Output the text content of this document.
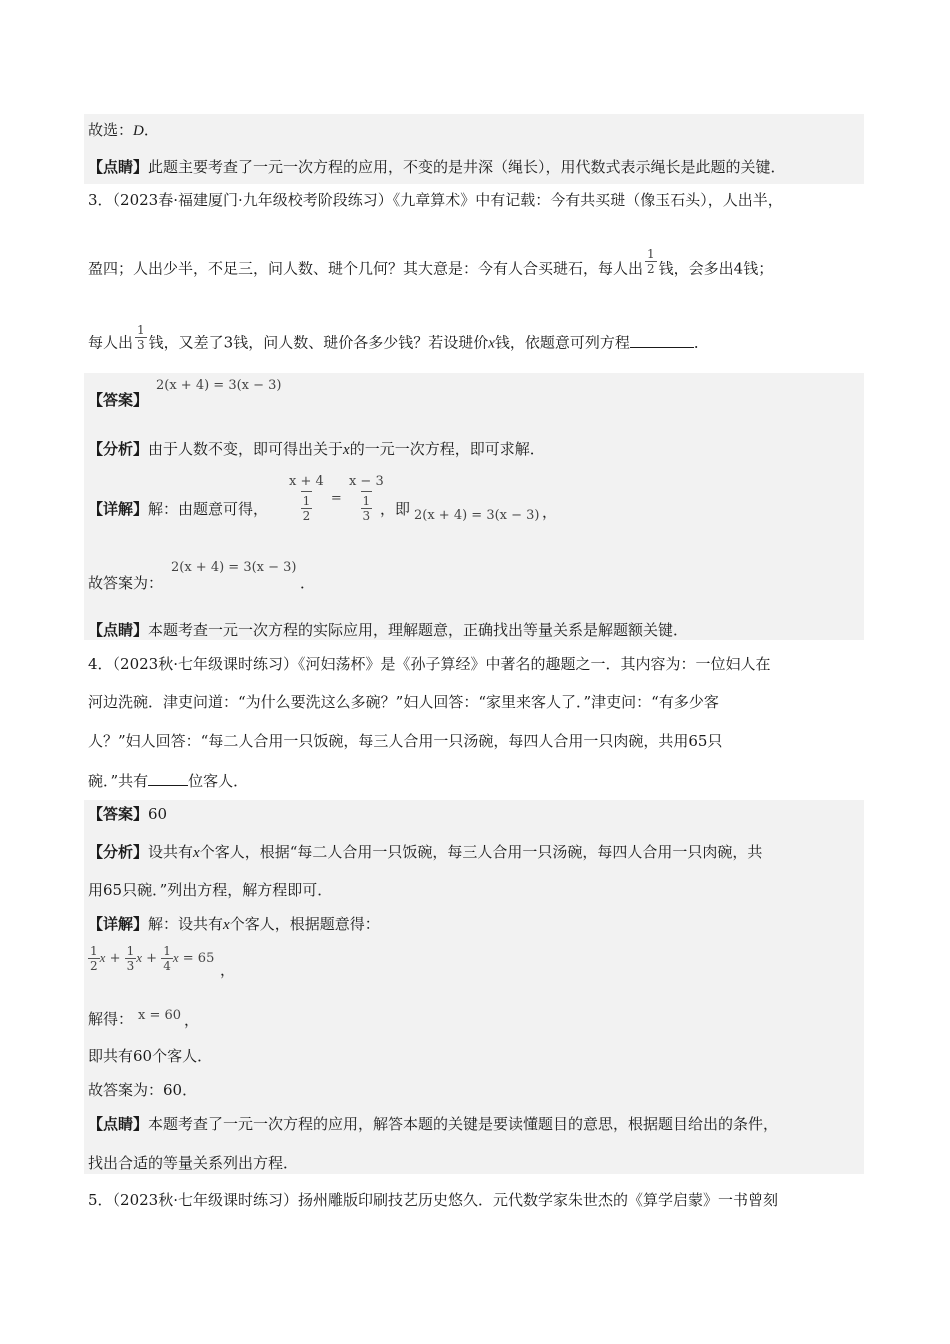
故选：D．
【点睛】此题主要考查了一元一次方程的应用，不变的是井深（绳长），用代数式表示绳长是此题的关键．
3．（2023春·福建厦门·九年级校考阶段练习）《九章算术》中有记载：今有共买琎（像玉石头），人出半，
盈四；人出少半，不足三，问人数、琎个几何？其大意是：今有人合买琎石，每人出 $\frac{1}{2}$ 钱，会多出4钱；
每人出 $\frac{1}{3}$ 钱，又差了3钱，问人数、琎价各多少钱？若设琎价x钱，依题意可列方程	．
【答案】
2(x + 4) = 3(x − 3)
【分析】由于人数不变，即可得出关于x的一元一次方程，即可求解．
【详解】解：由题意可得， x + 4
1
2 = x − 3
1
3
，即 2(x + 4) = 3(x − 3) ，
故答案为：
2(x + 4) = 3(x − 3)
．
【点睛】本题考查一元一次方程的实际应用，理解题意，正确找出等量关系是解题额关键．
4．（2023秋·七年级课时练习）《河妇荡杯》是《孙子算经》中著名的趣题之一．其内容为：一位妇人在
河边洗碗．津吏问道：“为什么要洗这么多碗？”妇人回答：“家里来客人了．”津吏问：“有多少客
人？”妇人回答：“每二人合用一只饭碗，每三人合用一只汤碗，每四人合用一只肉碗，共用65只
碗．”共有	位客人．
【答案】60
【分析】设共有x个客人，根据“每二人合用一只饭碗，每三人合用一只汤碗，每四人合用一只肉碗，共
用65只碗．”列出方程，解方程即可．
【详解】解：设共有x个客人，根据题意得：
$\frac{1}{2}$ $x + \frac{1}{3}$ $x + \frac{1}{4}$ x = 65
，
解得： x = 60 ，
即共有60个客人．
故答案为：60．
【点睛】本题考查了一元一次方程的应用，解答本题的关键是要读懂题目的意思，根据题目给出的条件，
找出合适的等量关系列出方程．
5．（2023秋·七年级课时练习）扬州雕版印刷技艺历史悠久．元代数学家朱世杰的《算学启蒙》一书曾刻
